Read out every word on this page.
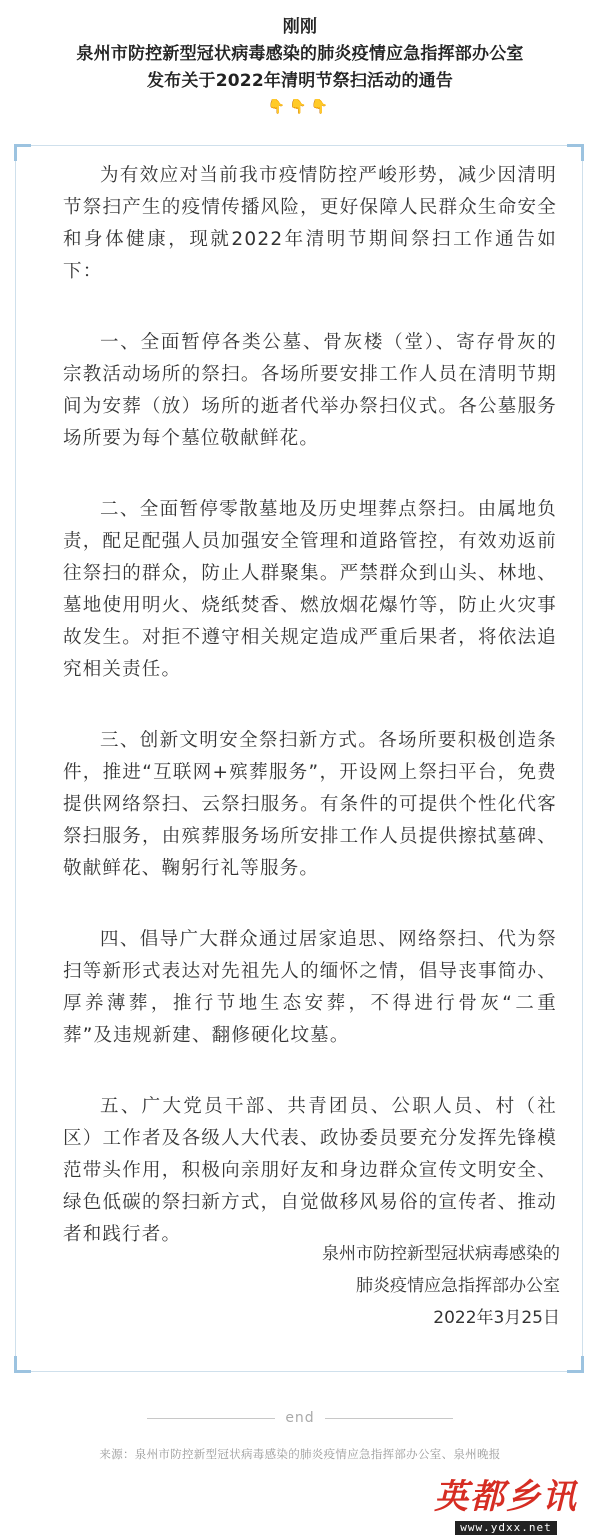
刚刚
泉州市防控新型冠状病毒感染的肺炎疫情应急指挥部办公室
发布关于2022年清明节祭扫活动的通告
👇👇👇

为有效应对当前我市疫情防控严峻形势，减少因清明节祭扫产生的疫情传播风险，更好保障人民群众生命安全和身体健康，现就2022年清明节期间祭扫工作通告如下：

一、全面暂停各类公墓、骨灰楼（堂）、寄存骨灰的宗教活动场所的祭扫。各场所要安排工作人员在清明节期间为安葬（放）场所的逝者代举办祭扫仪式。各公墓服务场所要为每个墓位敬献鲜花。

二、全面暂停零散墓地及历史埋葬点祭扫。由属地负责，配足配强人员加强安全管理和道路管控，有效劝返前往祭扫的群众，防止人群聚集。严禁群众到山头、林地、墓地使用明火、烧纸焚香、燃放烟花爆竹等，防止火灾事故发生。对拒不遵守相关规定造成严重后果者，将依法追究相关责任。

三、创新文明安全祭扫新方式。各场所要积极创造条件，推进“互联网+殡葬服务”，开设网上祭扫平台，免费提供网络祭扫、云祭扫服务。有条件的可提供个性化代客祭扫服务，由殡葬服务场所安排工作人员提供擦拭墓碑、敬献鲜花、鞠躬行礼等服务。

四、倡导广大群众通过居家追思、网络祭扫、代为祭扫等新形式表达对先祖先人的缅怀之情，倡导丧事简办、厚养薄葬，推行节地生态安葬，不得进行骨灰“二重葬”及违规新建、翻修硬化坟墓。

五、广大党员干部、共青团员、公职人员、村（社区）工作者及各级人大代表、政协委员要充分发挥先锋模范带头作用，积极向亲朋好友和身边群众宣传文明安全、绿色低碳的祭扫新方式，自觉做移风易俗的宣传者、推动者和践行者。

泉州市防控新型冠状病毒感染的
肺炎疫情应急指挥部办公室
2022年3月25日
end
来源：泉州市防控新型冠状病毒感染的肺炎疫情应急指挥部办公室、泉州晚报
英都乡讯
www.ydxx.net
